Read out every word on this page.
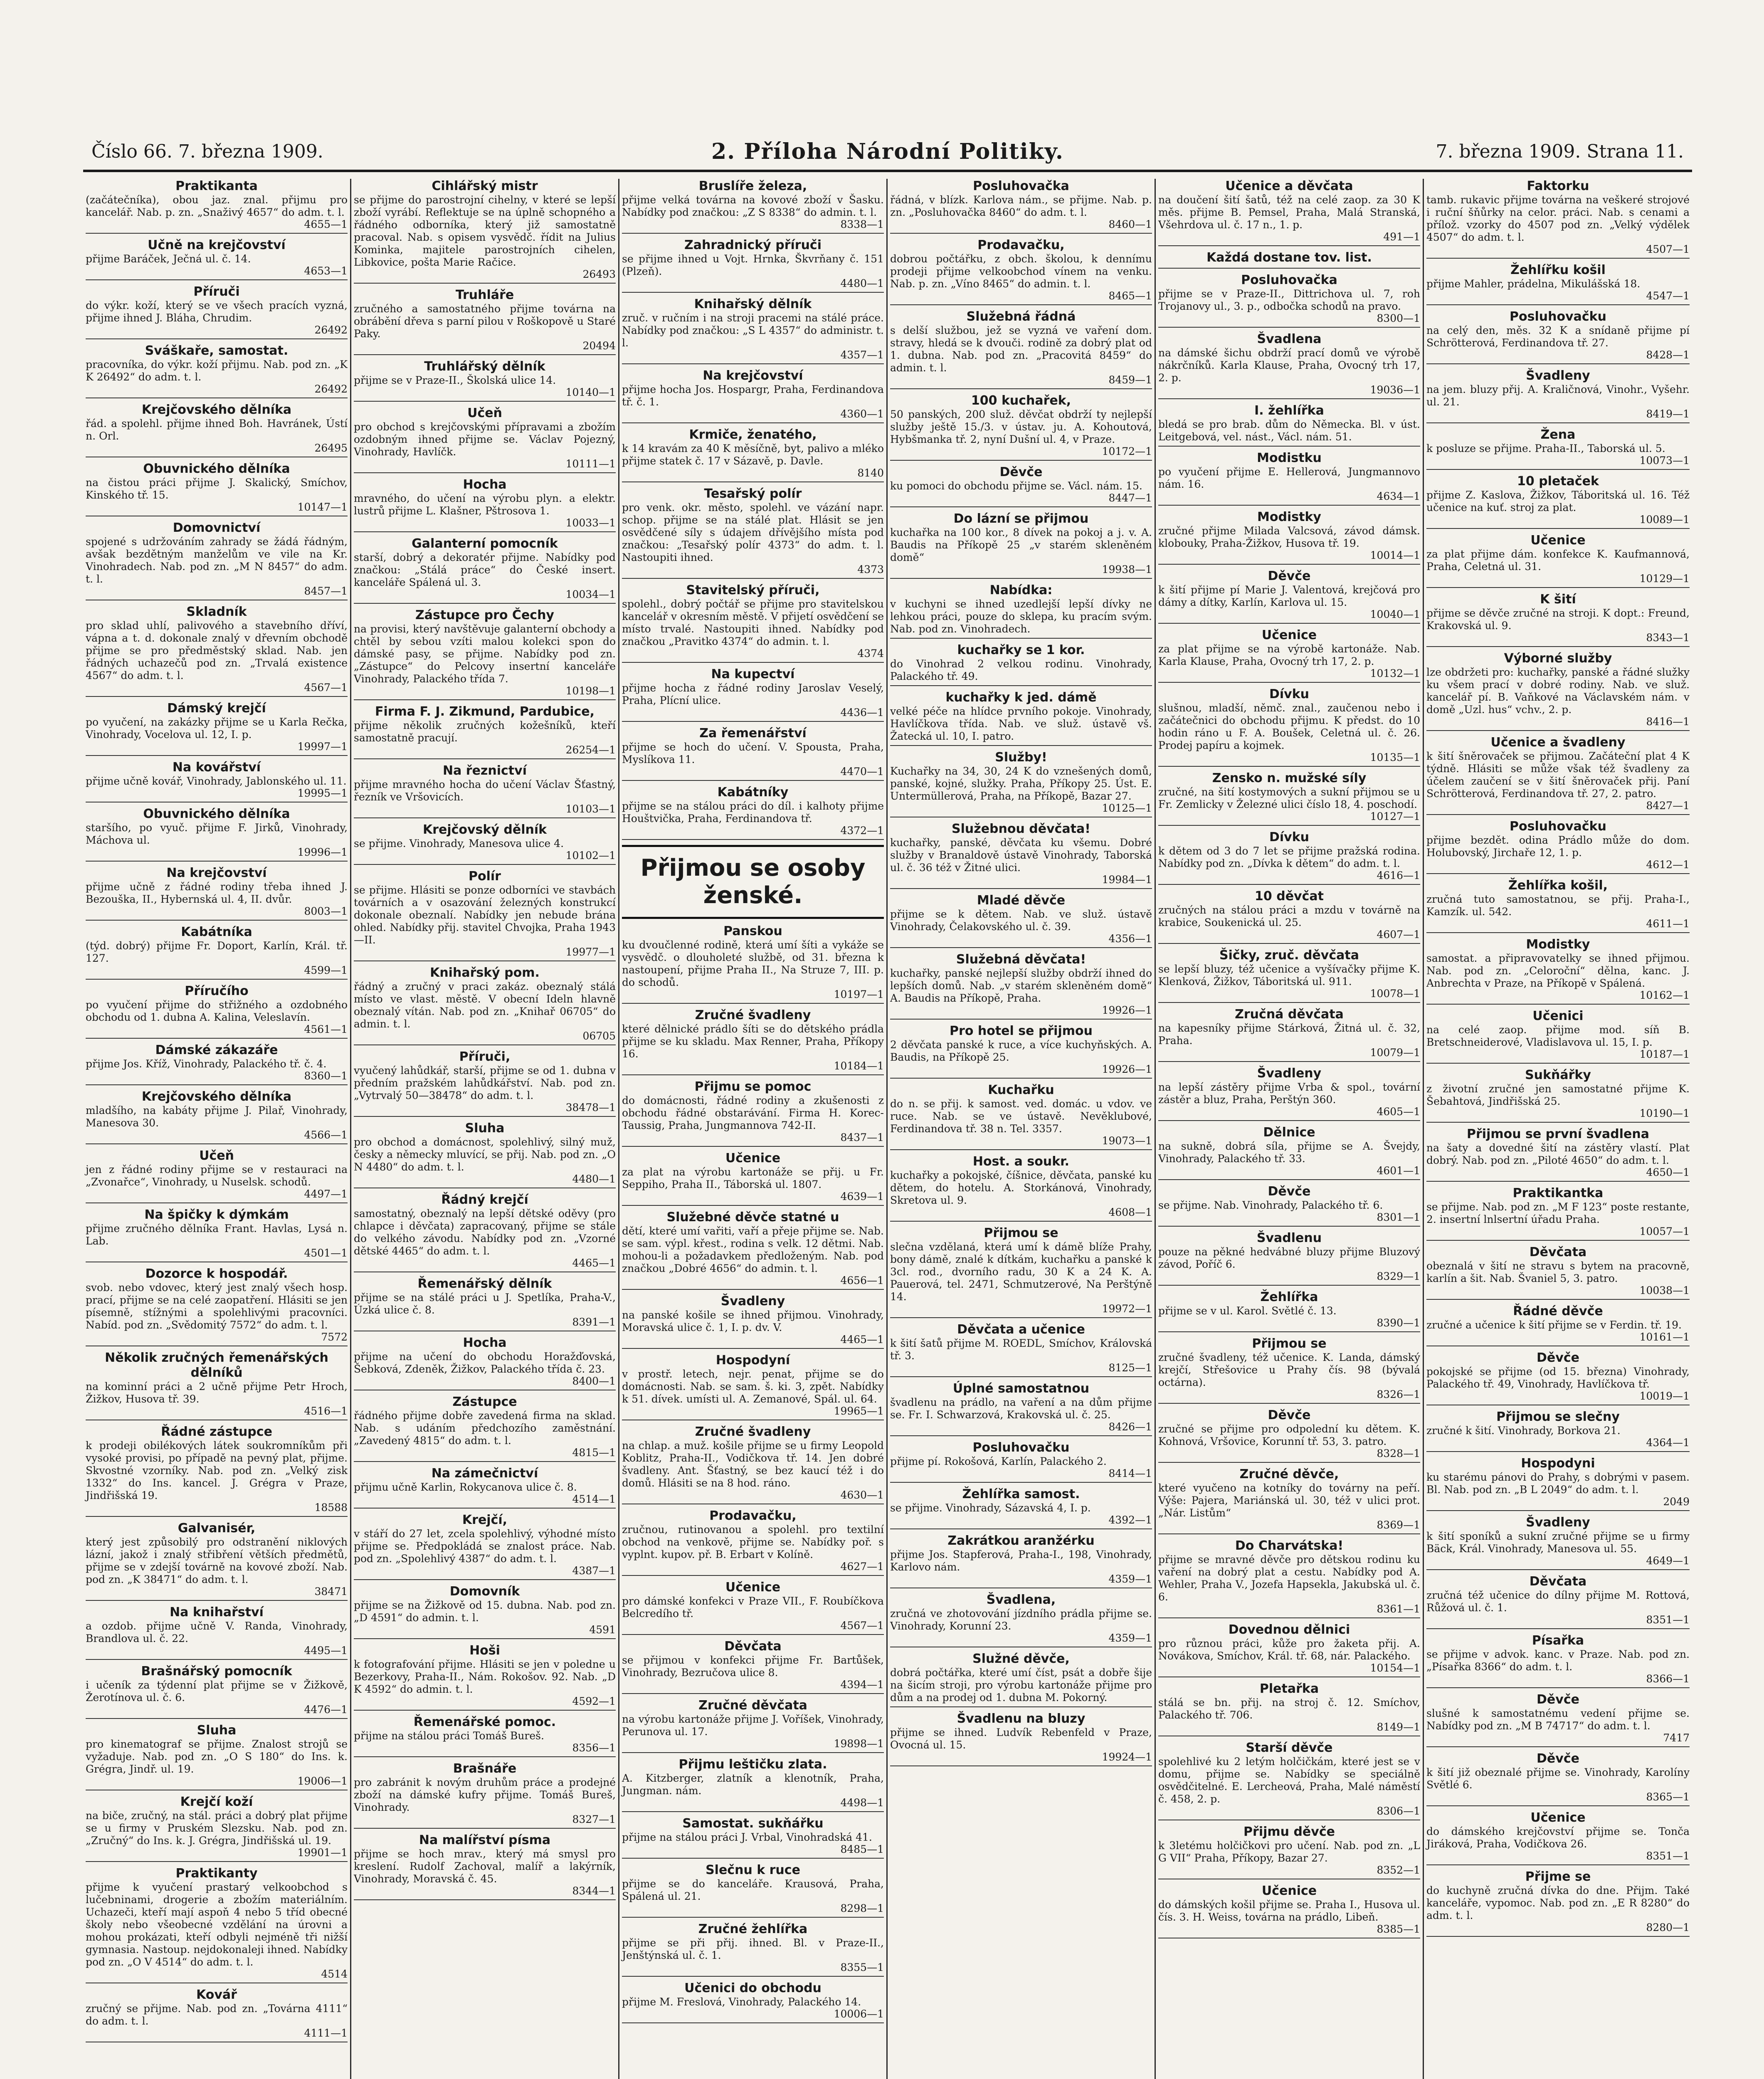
Číslo 66. 7. března 1909.	2. Příloha Národní Politiky.	7. března 1909. Strana 11.
Praktikanta
(začátečníka), obou jaz. znal. přijmu pro kancelář. Nab. p. zn. „Snaživý 4657“ do adm. t. l.
4655—1
Učně na krejčovství
přijme Baráček, Ječná ul. č. 14.
4653—1
Příruči
do výkr. koží, který se ve všech pracích vyzná, přijme ihned J. Bláha, Chrudim.
26492
Sváškaře, samostat.
pracovníka, do výkr. koží přijmu. Nab. pod zn. „K K 26492“ do adm. t. l.
26492
Krejčovského dělníka
řád. a spolehl. přijme ihned Boh. Havránek, Ústí n. Orl.
26495
Obuvnického dělníka
na čistou práci přijme J. Skalický, Smíchov, Kinského tř. 15.
10147—1
Domovnictví
spojené s udržováním zahrady se žádá řádným, avšak bezdětným manželům ve vile na Kr. Vinohradech. Nab. pod zn. „M N 8457“ do adm. t. l.
8457—1
Skladník
pro sklad uhlí, palivového a stavebního dříví, vápna a t. d. dokonale znalý v dřevním obchodě přijme se pro předměstský sklad. Nab. jen řádných uchazečů pod zn. „Trvalá existence 4567“ do adm. t. l.
4567—1
Dámský krejčí
po vyučení, na zakázky přijme se u Karla Rečka, Vinohrady, Vocelova ul. 12, I. p.
19997—1
Na kovářství
přijme učně kovář, Vinohrady, Jablonského ul. 11.
19995—1
Obuvnického dělníka
staršího, po vyuč. přijme F. Jirků, Vinohrady, Máchova ul.
19996—1
Na krejčovství
přijme učně z řádné rodiny třeba ihned J. Bezouška, II., Hybernská ul. 4, II. dvůr.
8003—1
Kabátníka
(týd. dobrý) přijme Fr. Doport, Karlín, Král. tř. 127.
4599—1
Příručího
po vyučení přijme do střižného a ozdobného obchodu od 1. dubna A. Kalina, Veleslavín.
4561—1
Dámské zákazáře
přijme Jos. Kříž, Vinohrady, Palackého tř. č. 4.
8360—1
Krejčovského dělníka
mladšího, na kabáty přijme J. Pilař, Vinohrady, Manesova 30.
4566—1
Učeň
jen z řádné rodiny přijme se v restauraci na „Zvonařce“, Vinohrady, u Nuselsk. schodů.
4497—1
Na špičky k dýmkám
přijme zručného dělníka Frant. Havlas, Lysá n. Lab.
4501—1
Dozorce k hospodář.
svob. nebo vdovec, který jest znalý všech hosp. prací, přijme se na celé zaopatření. Hlásiti se jen písemně, stížnými a spolehlivými pracovníci. Nabíd. pod zn. „Svědomitý 7572“ do adm. t. l.
7572
Několik zručných řemenářských dělníků
na kominní práci a 2 učně přijme Petr Hroch, Žižkov, Husova tř. 39.
4516—1
Řádné zástupce
k prodeji obilékových látek soukromníkům při vysoké provisi, po případě na pevný plat, přijme. Skvostné vzorníky. Nab. pod zn. „Velký zisk 1332“ do Ins. kancel. J. Grégra v Praze, Jindřišská 19.
18588
Galvanisér,
který jest způsobilý pro odstranění niklových lázní, jakož i znalý střibření větších předmětů, přijme se v zdejší továrně na kovové zboží. Nab. pod zn. „K 38471“ do adm. t. l.
38471
Na knihařství
a ozdob. přijme učně V. Randa, Vinohrady, Brandlova ul. č. 22.
4495—1
Brašnářský pomocník
i učeník za týdenní plat přijme se v Žižkově, Žerotínova ul. č. 6.
4476—1
Sluha
pro kinematograf se přijme. Znalost strojů se vyžaduje. Nab. pod zn. „O S 180“ do Ins. k. Grégra, Jindř. ul. 19.
19006—1
Krejčí koží
na biče, zručný, na stál. práci a dobrý plat přijme se u firmy v Pruském Slezsku. Nab. pod zn. „Zručný“ do Ins. k. J. Grégra, Jindřišská ul. 19.
19901—1
Praktikanty
přijme k vyučení prastarý velkoobchod s lučebninami, drogerie a zbožím materiálním. Uchazeči, kteří mají aspoň 4 nebo 5 tříd obecné školy nebo všeobecné vzdělání na úrovni a mohou prokázati, kteří odbyli nejméně tři nižší gymnasia. Nastoup. nejdokonaleji ihned. Nabídky pod zn. „O V 4514“ do adm. t. l.
4514
Kovář
zručný se přijme. Nab. pod zn. „Továrna 4111“ do adm. t. l.
4111—1
Cihlářský mistr
se přijme do parostrojní cihelny, v které se lepší zboží vyrábí. Reflektuje se na úplně schopného a řádného odborníka, který již samostatně pracoval. Nab. s opisem vysvědč. řídit na Julius Kominka, majitele parostrojních cihelen, Libkovice, pošta Marie Račice.
26493
Truhláře
zručného a samostatného přijme továrna na obrábění dřeva s parní pilou v Roškopově u Staré Paky.
20494
Truhlářský dělník
přijme se v Praze-II., Školská ulice 14.
10140—1
Učeň
pro obchod s krejčovskými přípravami a zbožím ozdobným ihned přijme se. Václav Pojezný, Vinohrady, Havlíčk.
10111—1
Hocha
mravného, do učení na výrobu plyn. a elektr. lustrů přijme L. Klašner, Pštrosova 1.
10033—1
Galanterní pomocník
starší, dobrý a dekoratér přijme. Nabídky pod značkou: „Stálá práce“ do České insert. kanceláře Spálená ul. 3.
10034—1
Zástupce pro Čechy
na provisi, který navštěvuje galanterní obchody a chtěl by sebou vzíti malou kolekci spon do dámské pasy, se přijme. Nabídky pod zn. „Zástupce“ do Pelcovy insertní kanceláře Vinohrady, Palackého třída 7.
10198—1
Firma F. J. Zikmund, Pardubice,
přijme několik zručných kožešníků, kteří samostatně pracují.
26254—1
Na řeznictví
přijme mravného hocha do učení Václav Šťastný, řezník ve Vršovicích.
10103—1
Krejčovský dělník
se přijme. Vinohrady, Manesova ulice 4.
10102—1
Polír
se přijme. Hlásiti se ponze odborníci ve stavbách továrních a v osazování železných konstrukcí dokonale obeznalí. Nabídky jen nebude brána ohled. Nabídky přij. stavitel Chvojka, Praha 1943—II.
19977—1
Knihařský pom.
řádný a zručný v praci zakáz. obeznalý stálá místo ve vlast. městě. V obecní Ideln hlavně obeznalý vítán. Nab. pod zn. „Knihař 06705“ do admin. t. l.
06705
Příruči,
vyučený lahůdkář, starší, přijme se od 1. dubna v předním pražském lahůdkářství. Nab. pod zn. „Vytrvalý 50—38478“ do adm. t. l.
38478—1
Sluha
pro obchod a domácnost, spolehlivý, silný muž, česky a německy mluvící, se přij. Nab. pod zn. „O N 4480“ do adm. t. l.
4480—1
Řádný krejčí
samostatný, obeznalý na lepší dětské oděvy (pro chlapce i děvčata) zapracovaný, přijme se stále do velkého závodu. Nabídky pod zn. „Vzorné dětské 4465“ do adm. t. l.
4465—1
Řemenářský dělník
přijme se na stálé práci u J. Spetlíka, Praha-V., Úzká ulice č. 8.
8391—1
Hocha
přijme na učení do obchodu Horažďovská, Šebková, Zdeněk, Žižkov, Palackého třída č. 23.
8400—1
Zástupce
řádného přijme dobře zavedená firma na sklad. Nab. s udáním předchozího zaměstnání. „Zavedený 4815“ do adm. t. l.
4815—1
Na zámečnictví
přijmu učně Karlin, Rokycanova ulice č. 8.
4514—1
Krejčí,
v stáří do 27 let, zcela spolehlivý, výhodné místo přijme se. Předpokládá se znalost práce. Nab. pod zn. „Spolehlivý 4387“ do adm. t. l.
4387—1
Domovník
přijme se na Žižkově od 15. dubna. Nab. pod zn. „D 4591“ do admin. t. l.
4591
Hoši
k fotografování přijme. Hlásiti se jen v poledne u Bezerkovy, Praha-II., Nám. Rokošov. 92. Nab. „D K 4592“ do admin. t. l.
4592—1
Řemenářské pomoc.
přijme na stálou práci Tomáš Bureš.
8356—1
Brašnáře
pro zabránit k novým druhům práce a prodejné zboží na dámské kufry přijme. Tomáš Bureš, Vinohrady.
8327—1
Na malířství písma
přijme se hoch mrav., který má smysl pro kreslení. Rudolf Zachoval, malíř a lakýrník, Vinohrady, Moravská č. 45.
8344—1
Bruslíře železa,
přijme velká továrna na kovové zboží v Šasku. Nabídky pod značkou: „Z S 8338“ do admin. t. l.
8338—1
Zahradnický příruči
se přijme ihned u Vojt. Hrnka, Škvrňany č. 151 (Plzeň).
4480—1
Knihařský dělník
zruč. v ručním i na stroji pracemi na stálé práce. Nabídky pod značkou: „S L 4357“ do administr. t. l.
4357—1
Na krejčovství
přijme hocha Jos. Hospargr, Praha, Ferdinandova tř. č. 1.
4360—1
Krmiče, ženatého,
k 14 kravám za 40 K měsíčně, byt, palivo a mléko přijme statek č. 17 v Sázavě, p. Davle.
8140
Tesařský polír
pro venk. okr. město, spolehl. ve vázání napr. schop. přijme se na stálé plat. Hlásit se jen osvědčené síly s údajem dřívějšího místa pod značkou: „Tesařský polír 4373“ do adm. t. l. Nastoupiti ihned.
4373
Stavitelský příruči,
spolehl., dobrý počtář se přijme pro stavitelskou kancelář v okresním městě. V přijetí osvědčení se místo trvalé. Nastoupiti ihned. Nabídky pod značkou „Pravitko 4374“ do admin. t. l.
4374
Na kupectví
přijme hocha z řádné rodiny Jaroslav Veselý, Praha, Plícní ulice.
4436—1
Za řemenářství
přijme se hoch do učení. V. Spousta, Praha, Myslíkova 11.
4470—1
Kabátníky
přijme se na stálou práci do díl. i kalhoty přijme Houštvička, Praha, Ferdinandova tř.
4372—1
Přijmou se osoby ženské.
Panskou
ku dvoučlenné rodině, která umí šíti a vykáže se vysvědč. o dlouholeté službě, od 31. března k nastoupení, přijme Praha II., Na Struze 7, III. p. do schodů.
10197—1
Zručné švadleny
které dělnické prádlo šíti se do dětského prádla přijme se ku skladu. Max Renner, Praha, Příkopy 16.
10184—1
Přijmu se pomoc
do domácnosti, řádné rodiny a zkušenosti z obchodu řádné obstarávání. Firma H. Korec-Taussig, Praha, Jungmannova 742-II.
8437—1
Učenice
za plat na výrobu kartonáže se přij. u Fr. Seppiho, Praha II., Táborská ul. 1807.
4639—1
Služebné děvče statné u
dětí, které umí vařiti, vaří a přeje přijme se. Nab. se sam. výpl. křest., rodina s velk. 12 dětmi. Nab. mohou-li a požadavkem předloženým. Nab. pod značkou „Dobré 4656“ do admin. t. l.
4656—1
Švadleny
na panské košile se ihned přijmou. Vinohrady, Moravská ulice č. 1, I. p. dv. V.
4465—1
Hospodyní
v prostř. letech, nejr. penat, přijme se do domácnosti. Nab. se sam. š. ki. 3, zpět. Nabídky k 51. dívek. umísti ul. A. Zemanové, Spál. ul. 64.
19965—1
Zručné švadleny
na chlap. a muž. košile přijme se u firmy Leopold Koblitz, Praha-II., Vodičkova tř. 14. Jen dobré švadleny. Ant. Šťastný, se bez kaucí též i do domů. Hlásiti se na 8 hod. ráno.
4630—1
Prodavačku,
zručnou, rutinovanou a spolehl. pro textilní obchod na venkově, přijme se. Nabídky poř. s vyplnt. kupov. př. B. Erbart v Kolíně.
4627—1
Učenice
pro dámské konfekci v Praze VII., F. Roubíčkova Belcredího tř.
4567—1
Děvčata
se přijmou v konfekci přijme Fr. Bartůšek, Vinohrady, Bezručova ulice 8.
4394—1
Zručné děvčata
na výrobu kartonáže přijme J. Voříšek, Vinohrady, Perunova ul. 17.
19898—1
Přijmu leštičku zlata.
A. Kitzberger, zlatník a klenotník, Praha, Jungman. nám.
4498—1
Samostat. sukňářku
přijme na stálou práci J. Vrbal, Vinohradská 41.
8485—1
Slečnu k ruce
přijme se do kanceláře. Krausová, Praha, Spálená ul. 21.
8298—1
Zručné žehlířka
přijme se při přij. ihned. Bl. v Praze-II., Jenštýnská ul. č. 1.
8355—1
Učenici do obchodu
přijme M. Freslová, Vinohrady, Palackého 14.
10006—1
Posluhovačka
řádná, v blízk. Karlova nám., se přijme. Nab. p. zn. „Posluhovačka 8460“ do adm. t. l.
8460—1
Prodavačku,
dobrou počtářku, z obch. školou, k dennímu prodeji přijme velkoobchod vínem na venku. Nab. p. zn. „Víno 8465“ do admin. t. l.
8465—1
Služebná řádná
s delší službou, jež se vyzná ve vaření dom. stravy, hledá se k dvouči. rodině za dobrý plat od 1. dubna. Nab. pod zn. „Pracovitá 8459“ do admin. t. l.
8459—1
100 kuchařek,
50 panských, 200 služ. děvčat obdrží ty nejlepší služby ještě 15./3. v ústav. ju. A. Kohoutová, Hybšmanka tř. 2, nyní Dušní ul. 4, v Praze.
10172—1
Děvče
ku pomoci do obchodu přijme se. Václ. nám. 15.
8447—1
Do lázní se přijmou
kuchařka na 100 kor., 8 dívek na pokoj a j. v. A. Baudis na Příkopě 25 „v starém skleněném domě“
19938—1
Nabídka:
v kuchyni se ihned uzedlejší lepší dívky ne lehkou práci, pouze do sklepa, ku pracím svým. Nab. pod zn. Vinohradech.
kuchařky se 1 kor.
do Vinohrad 2 velkou rodinu. Vinohrady, Palackého tř. 49.
kuchařky k jed. dámě
velké péče na hlídce prvního pokoje. Vinohrady, Havlíčkova třída. Nab. ve služ. ústavě vš. Žatecká ul. 10, I. patro.
Služby!
Kuchařky na 34, 30, 24 K do vznešených domů, panské, kojné, služky. Praha, Příkopy 25. Úst. E. Untermüllerová, Praha, na Příkopě, Bazar 27.
10125—1
Služebnou děvčata!
kuchařky, panské, děvčata ku všemu. Dobré služby v Branaldově ústavě Vinohrady, Taborská ul. č. 36 též v Žitné ulici.
19984—1
Mladé děvče
přijme se k dětem. Nab. ve služ. ústavě Vinohrady, Čelakovského ul. č. 39.
4356—1
Služebná děvčata!
kuchařky, panské nejlepší služby obdrží ihned do lepších domů. Nab. „v starém skleněném domě“ A. Baudis na Příkopě, Praha.
19926—1
Pro hotel se přijmou
2 děvčata panské k ruce, a více kuchyňských. A. Baudis, na Příkopě 25.
19926—1
Kuchařku
do n. se přij. k samost. ved. domác. u vdov. ve ruce. Nab. se ve ústavě. Nevěklubové, Ferdinandova tř. 38 n. Tel. 3357.
19073—1
Host. a soukr.
kuchařky a pokojské, číšnice, děvčata, panské ku dětem, do hotelu. A. Storkánová, Vinohrady, Skretova ul. 9.
4608—1
Přijmou se
slečna vzdělaná, která umí k dámě blíže Prahy, bony dámě, znalé k dítkám, kuchařku a panské k 3cl. rod., dvorního radu, 30 K a 24 K. A. Pauerová, tel. 2471, Schmutzerové, Na Perštýně 14.
19972—1
Děvčata a učenice
k šití šatů přijme M. ROEDL, Smíchov, Královská tř. 3.
8125—1
Úplné samostatnou
švadlenu na prádlo, na vaření a na dům přijme se. Fr. I. Schwarzová, Krakovská ul. č. 25.
8426—1
Posluhovačku
přijme pí. Rokošová, Karlín, Palackého 2.
8414—1
Žehlířka samost.
se přijme. Vinohrady, Sázavská 4, I. p.
4392—1
Zakrátkou aranžérku
přijme Jos. Stapferová, Praha-I., 198, Vinohrady, Karlovo nám.
4359—1
Švadlena,
zručná ve zhotovování jízdního prádla přijme se. Vinohrady, Korunní 23.
4359—1
Služné děvče,
dobrá počtářka, které umí číst, psát a dobře šije na šicím stroji, pro výrobu kartonáže přijme pro dům a na prodej od 1. dubna M. Pokorný.
Švadlenu na bluzy
přijme se ihned. Ludvík Rebenfeld v Praze, Ovocná ul. 15.
19924—1
Učenice a děvčata
na doučení šití šatů, též na celé zaop. za 30 K měs. přijme B. Pemsel, Praha, Malá Stranská, Všehrdova ul. č. 17 n., 1. p.
491—1
Každá dostane tov. list.
Posluhovačka
přijme se v Praze-II., Dittrichova ul. 7, roh Trojanovy ul., 3. p., odbočka schodů na pravo.
8300—1
Švadlena
na dámské šichu obdrží prací domů ve výrobě nákrčníků. Karla Klause, Praha, Ovocný trh 17, 2. p.
19036—1
I. žehlířka
bledá se pro brab. dům do Německa. Bl. v úst. Leitgebová, vel. nást., Václ. nám. 51.
Modistku
po vyučení přijme E. Hellerová, Jungmannovo nám. 16.
4634—1
Modistky
zručné přijme Milada Valcsová, závod dámsk. klobouky, Praha-Žižkov, Husova tř. 19.
10014—1
Děvče
k šití přijme pí Marie J. Valentová, krejčová pro dámy a dítky, Karlín, Karlova ul. 15.
10040—1
Učenice
za plat přijme se na výrobě kartonáže. Nab. Karla Klause, Praha, Ovocný trh 17, 2. p.
10132—1
Dívku
slušnou, mladší, němč. znal., zaučenou nebo i začátečnici do obchodu přijmu. K předst. do 10 hodin ráno u F. A. Boušek, Celetná ul. č. 26. Prodej papíru a kojmek.
10135—1
Zensko n. mužské síly
zručné, na šití kostymových a sukní přijmou se u Fr. Zemlicky v Železné ulici číslo 18, 4. poschodí.
10127—1
Dívku
k dětem od 3 do 7 let se přijme pražská rodina. Nabídky pod zn. „Dívka k dětem“ do adm. t. l.
4616—1
10 děvčat
zručných na stálou práci a mzdu v továrně na krabice, Soukenická ul. 25.
4607—1
Šičky, zruč. děvčata
se lepší bluzy, též učenice a vyšívačky přijme K. Klenková, Žižkov, Táboritská ul. 911.
10078—1
Zručná děvčata
na kapesníky přijme Stárková, Žitná ul. č. 32, Praha.
10079—1
Švadleny
na lepší zástěry přijme Vrba & spol., tovární zástěr a bluz, Praha, Perštýn 360.
4605—1
Dělnice
na sukně, dobrá síla, přijme se A. Švejdy, Vinohrady, Palackého tř. 33.
4601—1
Děvče
se přijme. Nab. Vinohrady, Palackého tř. 6.
8301—1
Švadlenu
pouze na pěkné hedvábné bluzy přijme Bluzový závod, Poříč 6.
8329—1
Žehlířka
přijme se v ul. Karol. Světlé č. 13.
8390—1
Přijmou se
zručné švadleny, též učenice. K. Landa, dámský krejčí, Střešovice u Prahy čís. 98 (bývalá octárna).
8326—1
Děvče
zručné se přijme pro odpolední ku dětem. K. Kohnová, Vršovice, Korunní tř. 53, 3. patro.
8328—1
Zručné děvče,
které vyučeno na kotníky do továrny na peří. Výše: Pajera, Mariánská ul. 30, též v ulici prot. „Nár. Listům“
8369—1
Do Charvátska!
přijme se mravné děvče pro dětskou rodinu ku vaření na dobrý plat a cestu. Nabídky pod A. Wehler, Praha V., Jozefa Hapsekla, Jakubská ul. č. 6.
8361—1
Dovednou dělnici
pro různou práci, kůže pro žaketa přij. A. Novákova, Smíchov, Král. tř. 68, nár. Palackého.
10154—1
Pletařka
stálá se bn. přij. na stroj č. 12. Smíchov, Palackého tř. 706.
8149—1
Starší děvče
spolehlivé ku 2 letým holčičkám, které jest se v domu, přijme se. Nabídky se speciálně osvědčitelné. E. Lercheová, Praha, Malé náměstí č. 458, 2. p.
8306—1
Přijmu děvče
k 3letému holčičkovi pro učení. Nab. pod zn. „L G VII“ Praha, Příkopy, Bazar 27.
8352—1
Učenice
do dámských košil přijme se. Praha I., Husova ul. čís. 3. H. Weiss, továrna na prádlo, Libeň.
8385—1
Faktorku
tamb. rukavic přijme továrna na veškeré strojové i ruční šňůrky na celor. práci. Nab. s cenami a přílož. vzorky do 4507 pod zn. „Velký výdělek 4507“ do adm. t. l.
4507—1
Žehlířku košil
přijme Mahler, prádelna, Mikulášská 18.
4547—1
Posluhovačku
na celý den, měs. 32 K a snídaně přijme pí Schrötterová, Ferdinandova tř. 27.
8428—1
Švadleny
na jem. bluzy přij. A. Kraličnová, Vinohr., Vyšehr. ul. 21.
8419—1
Žena
k posluze se přijme. Praha-II., Taborská ul. 5.
10073—1
10 pletaček
přijme Z. Kaslova, Žižkov, Táboritská ul. 16. Též učenice na kuť. stroj za plat.
10089—1
Učenice
za plat přijme dám. konfekce K. Kaufmannová, Praha, Celetná ul. 31.
10129—1
K šití
přijme se děvče zručné na stroji. K dopt.: Freund, Krakovská ul. 9.
8343—1
Výborné služby
lze obdržeti pro: kuchařky, panské a řádné služky ku všem prací v dobré rodiny. Nab. ve služ. kancelář pí. B. Vaňkové na Václavském nám. v domě „Uzl. hus“ vchv., 2. p.
8416—1
Učenice a švadleny
k šití šněrovaček se přijmou. Začáteční plat 4 K týdně. Hlásiti se může však též švadleny za účelem zaučení se v šití šněrovaček přij. Paní Schrötterová, Ferdinandova tř. 27, 2. patro.
8427—1
Posluhovačku
přijme bezdět. odina Prádlo může do dom. Holubovský, Jirchaře 12, 1. p.
4612—1
Žehlířka košil,
zručná tuto samostatnou, se přij. Praha-I., Kamzík. ul. 542.
4611—1
Modistky
samostat. a připravovatelky se ihned přijmou. Nab. pod zn. „Celoroční“ dělna, kanc. J. Anbrechta v Praze, na Příkopě v Spálená.
10162—1
Učenici
na celé zaop. přijme mod. síň B. Bretschneiderové, Vladislavova ul. 15, I. p.
10187—1
Sukňářky
z životní zručné jen samostatné přijme K. Šebahtová, Jindřišská 25.
10190—1
Přijmou se první švadlena
na šaty a dovedné šití na zástěry vlastí. Plat dobrý. Nab. pod zn. „Piloté 4650“ do adm. t. l.
4650—1
Praktikantka
se přijme. Nab. pod zn. „M F 123“ poste restante, 2. insertní lnlsertní úřadu Praha.
10057—1
Děvčata
obeznalá v šití ne stravu s bytem na pracovně, karlín a šit. Nab. Švaniel 5, 3. patro.
10038—1
Řádné děvče
zručné a učenice k šití přijme se v Ferdin. tř. 19.
10161—1
Děvče
pokojské se přijme (od 15. března) Vinohrady, Palackého tř. 49, Vinohrady, Havlíčkova tř.
10019—1
Přijmou se slečny
zručné k šití. Vinohrady, Borkova 21.
4364—1
Hospodyni
ku starému pánovi do Prahy, s dobrými v pasem. Bl. Nab. pod zn. „B L 2049“ do adm. t. l.
2049
Švadleny
k šití sponíků a sukní zručné přijme se u firmy Bäck, Král. Vinohrady, Manesova ul. 55.
4649—1
Děvčata
zručná též učenice do dílny přijme M. Rottová, Růžová ul. č. 1.
8351—1
Písařka
se přijme v advok. kanc. v Praze. Nab. pod zn. „Písařka 8366“ do adm. t. l.
8366—1
Děvče
slušné k samostatnému vedení přijme se. Nabídky pod zn. „M B 74717“ do adm. t. l.
7417
Děvče
k šití již obeznalé přijme se. Vinohrady, Karolíny Světlé 6.
8365—1
Učenice
do dámského krejčovství přijme se. Tonča Jiráková, Praha, Vodičkova 26.
8351—1
Přijme se
do kuchyně zručná dívka do dne. Přijm. Také kanceláře, vypomoc. Nab. pod zn. „E R 8280“ do adm. t. l.
8280—1
